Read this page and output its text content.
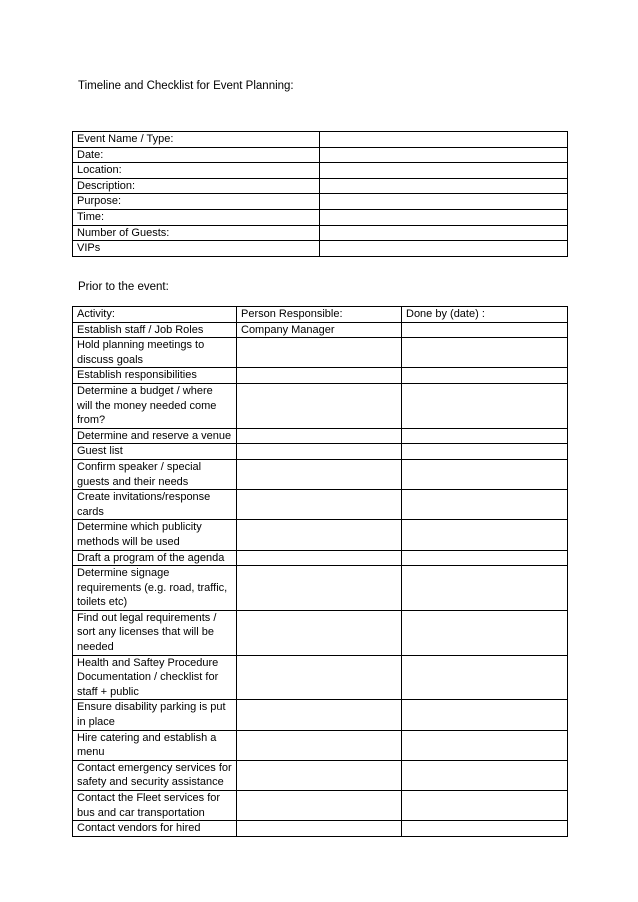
Timeline and Checklist for Event Planning:
Event Name / Type:	
Date:	
Location:	
Description:	
Purpose:	
Time:	
Number of Guests:	
VIPs	
Prior to the event:
Activity:	Person Responsible:	Done by (date) :

Establish staff / Job Roles	Company Manager	

Hold planning meetings to
discuss goals		

Establish responsibilities		

Determine a budget / where
will the money needed come
from?		

Determine and reserve a venue		

Guest list		

Confirm speaker / special
guests and their needs		

Create invitations/response
cards		

Determine which publicity
methods will be used		

Draft a program of the agenda		

Determine signage
requirements (e.g. road, traffic,
toilets etc)		

Find out legal requirements /
sort any licenses that will be
needed		

Health and Saftey Procedure
Documentation / checklist for
staff + public		

Ensure disability parking is put
in place		

Hire catering and establish a
menu		

Contact emergency services for
safety and security assistance		

Contact the Fleet services for
bus and car transportation		

Contact vendors for hired		
